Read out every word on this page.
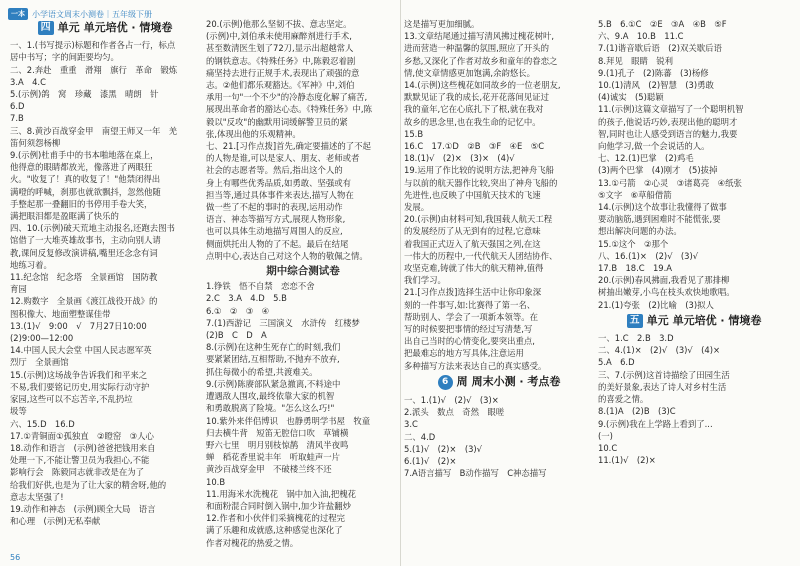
一本 小学语文周末小测卷｜五年级下册
四 单元 单元培优 · 情境卷
一、1.(书写提示)标题和作者各占一行，标点
居中书写；字的间距要均匀。
二、2.奔赴　重重　滑翔　旗行　革命　锻炼
3.A　4.C
5.(示例)鸽　窝　珍藏　漆黑　晴朗　针
6.D
7.B
三、8.黄沙百战穿金甲　南望王师又一年　羌
笛何须怨杨柳
9.(示例)杜甫手中的书本啪地落在桌上，
他得意的眼睛都放光，像落进了两眼狂
火。"收复了！真的收复了！"他禁闭得出
满噔的呼喊，刹那也就欲飘抖，忽然他随
手整起那一叠翻旧的书停用手卷大笑，
满把眼泪都是盈眶满了快乐的
四、10.(示例)破天荒地主动报名,还跑去图书
馆借了一大堆英雄故事书，主动向别人请
教,课间反复修改演讲稿,嘴里还念念有词
地练习着。
11.纪念馆　纪念塔　全景画馆　国防教
育园
12.购数字　全景画《渡江战役开战》的
图积像大、地面塑整谋佳带
13.(1)√　9:00　√　7月27日10:00
(2)9:00—12:00
14.中国人民大会堂 中国人民志愿军英
烈厅　全景画馆
15.(示例)这场战争告诉我们和平来之
不易,我们要铭记历史,用实际行动守护
家园,这些可以不忘苦辛,不乱扔垃
圾等
六、15.D　16.D
17.①青铜面①孤独直　②瞪窑　③人心
18.动作和语言　(示例)爸爸把钱用来自
处理一下,不能让警卫员为我担心,不能
影响行会　陈毅同志就非改是在为了
给我们好供,也是为了让大家的精舍呀,他的
意志太坚强了!
19.动作和神态　(示例)顾全大局　语言
和心理　(示例)无私奉献
20.(示例)他那么坚韧不拔、意志坚定。
(示例)中,刘伯承未使用麻醉剂进行手术,
甚至数清医生划了72刀,显示出超越常人
的钢铁意志。《特殊任务》中,陈毅忍着剧
痛坚持去进行正规手术,表现出了顽强的意
志。②他们都乐观豁达。《军神》中,刘伯
承用一句"一个不少"的冷静态度化解了痛苦,
展现出革命者的豁达心态。《特殊任务》中,陈
毅以"反攻"的幽默用词缓解警卫员的紧
张,体现出他的乐观精神。
七、21.[习作点拨]首先,确定要描述的了不起
的人物是谁,可以是家人、朋友、老师或者
社会的志愿者等。然后,指出这个人的
身上有哪些优秀品质,如勇敢、坚强或有
担当等,通过具体事件来表达,描写人物在
做一些了不起的事时的表现,运用动作
语言、神态等描写方式,展现人物形象,
也可以具体生动地描写周围人的反应,
侧面烘托出人物的了不起。最后在结尾
点明中心,表达自己对这个人物的敬佩之情。
期中综合测试卷
1.铮铁　悟不自禁　恋恋不舍
2.C　3.A　4.D　5.B
6.①　②　③　④
7.(1)西游记　三国演义　水浒传　红楼梦
(2)B　C　D　A
8.(示例)在这种生死存亡的时刻,我们
要紧紧团结,互相帮助,不抛弃不放弃,
抓住每微小的希望,共渡难关。
9.(示例)陈赓部队紧急撤离,不料途中
遭遇敌人围攻,最终依靠大家的机智
和勇敢脱离了险境。"怎么这么巧!"
10.紫外来伴侣博识　也静勇明学书屋　牧童
归去横牛背　短笛无腔信口吹　草铺横
野六七里　明月别枝惊鹊　清风半夜鸣
蝉　稻花香里说丰年　听取蛙声一片
黄沙百战穿金甲　不破楼兰终不还
10.B
11.用海米水洗槐花　锅中加入油,把槐花
和面粉混合同时倒入锅中,加少许盐翻炒
12.作者和小伙伴们采摘槐花的过程完
满了乐趣和成就感,这种感觉也深化了
作者对槐花的热爱之情。
这是描写更加细腻。
13.文章结尾通过描写清风拂过槐花树叶,
进而营造一种温馨的氛围,照应了开头的
乡愁,又深化了作者对故乡和童年的眷恋之
情,使文章情感更加饱满,余韵悠长。
14.(示例)这些槐花如同故乡的一位老朋友,
默默见证了我的成长,花开花落间见证过
我的童年,它在心底扎下了根,就在我对
故乡的思念里,也在我生命的记忆中。
15.B
16.C　17.①D　②B　③F　④E　⑤C
18.(1)√　(2)×　(3)×　(4)√
19.运用了作比较的说明方法,把神舟飞船
与以前的航天器作比较,突出了神舟飞船的
先进性,也反映了中国航天技术的飞速
发展。
20.(示例)由材料可知,我国载人航天工程
的发展经历了从无到有的过程,它意味
着我国正式迈入了航天强国之列,在这
一伟大的历程中,一代代航天人团结协作、
攻坚克难,铸就了伟大的航天精神,值得
我们学习。
21.[习作点拨]选择生活中让你印象深
刻的一件事写,如:比赛得了第一名、
帮助别人、学会了一项新本领等。在
写的时候要把事情的经过写清楚,写
出自己当时的心情变化,要突出重点,
把最难忘的地方写具体,注意运用
多种描写方法来表达自己的真实感受。
6 周 周末小测 · 考点卷
一、1.(1)√　(2)√　(3)×
2.派头　数点　奇然　眼嗟
3.C
二、4.D
5.(1)√　(2)×　(3)√
6.(1)√　(2)×
7.A语言描写　B动作描写　C神态描写
5.B　6.①C　②E　③A　④B　⑤F
六、9.A　10.B　11.C
7.(1)谐音歇后语　(2)双关歇后语
8.拜见　眼睛　锐利
9.(1)孔子　(2)陈蕃　(3)杨修
10.(1)清风　(2)智慧　(3)勇敢
(4)诚实　(5)聪颖
11.(示例)这篇文章描写了一个聪明机智
的孩子,他说话巧妙,表现出他的聪明才
智,同时也让人感受到语言的魅力,我要
向他学习,做一个会说话的人。
七、12.(1)巴掌　(2)鸡毛
(3)两个巴掌　(4)刚才　(5)拔掉
13.①弓箭　②心灵　③诸葛亮　④纸张
⑤文字　⑥草船借箭
14.(示例)这个故事让我懂得了做事
要动脑筋,遇到困难时不能慌张,要
想出解决问题的办法。
15.①这个　②那个
八、16.(1)×　(2)√　(3)√
17.B　18.C　19.A
20.(示例)春风拂面,我看见了那排柳
树抽出嫩芽,小鸟在枝头欢快地歌唱。
21.(1)夸张　(2)比喻　(3)拟人
五 单元 单元培优 · 情境卷
一、1.C　2.B　3.D
二、4.(1)×　(2)√　(3)√　(4)×
5.A　6.D
三、7.(示例)这首诗描绘了田园生活
的美好景象,表达了诗人对乡村生活
的喜爱之情。
8.(1)A　(2)B　(3)C
9.(示例)我在上学路上看到了...
(一)
10.C
11.(1)√　(2)×
56
